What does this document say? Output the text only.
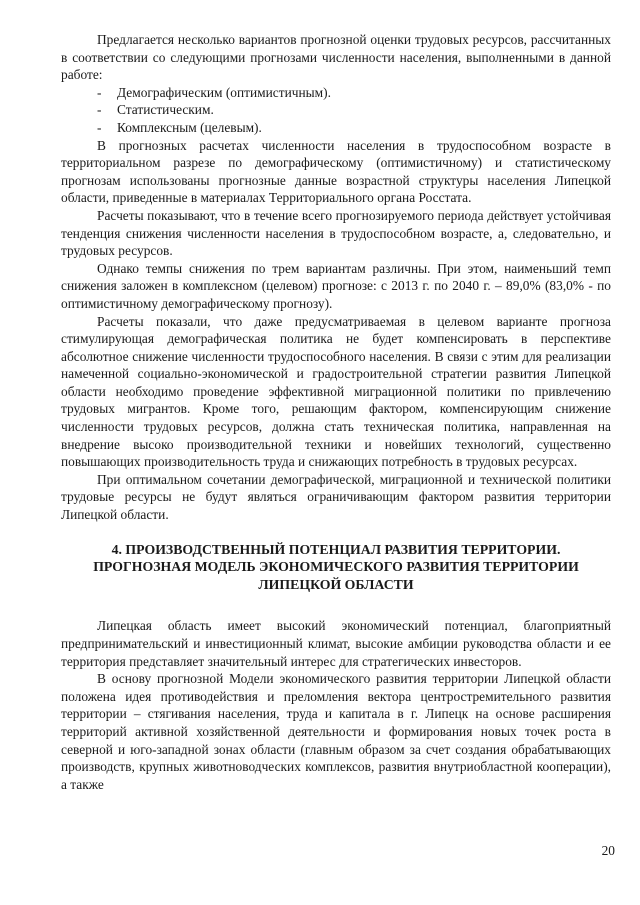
Предлагается несколько вариантов прогнозной оценки трудовых ресурсов, рассчитанных в соответствии со следующими прогнозами численности населения, выполненными в данной работе:

- Демографическим (оптимистичным).
- Статистическим.
- Комплексным (целевым).

В прогнозных расчетах численности населения в трудоспособном возрасте в территориальном разрезе по демографическому (оптимистичному) и статистическому прогнозам использованы прогнозные данные возрастной структуры населения Липецкой области, приведенные в материалах Территориального органа Росстата.

Расчеты показывают, что в течение всего прогнозируемого периода действует устойчивая тенденция снижения численности населения в трудоспособном возрасте, а, следовательно, и трудовых ресурсов.

Однако темпы снижения по трем вариантам различны. При этом, наименьший темп снижения заложен в комплексном (целевом) прогнозе: с 2013 г. по 2040 г. – 89,0% (83,0% - по оптимистичному демографическому прогнозу).

Расчеты показали, что даже предусматриваемая в целевом варианте прогноза стимулирующая демографическая политика не будет компенсировать в перспективе абсолютное снижение численности трудоспособного населения. В связи с этим для реализации намеченной социально-экономической и градостроительной стратегии развития Липецкой области необходимо проведение эффективной миграционной политики по привлечению трудовых мигрантов. Кроме того, решающим фактором, компенсирующим снижение численности трудовых ресурсов, должна стать техническая политика, направленная на внедрение высоко производительной техники и новейших технологий, существенно повышающих производительность труда и снижающих потребность в трудовых ресурсах.

При оптимальном сочетании демографической, миграционной и технической политики трудовые ресурсы не будут являться ограничивающим фактором развития территории Липецкой области.

4. ПРОИЗВОДСТВЕННЫЙ ПОТЕНЦИАЛ РАЗВИТИЯ ТЕРРИТОРИИ.
ПРОГНОЗНАЯ МОДЕЛЬ ЭКОНОМИЧЕСКОГО РАЗВИТИЯ ТЕРРИТОРИИ
ЛИПЕЦКОЙ ОБЛАСТИ

Липецкая область имеет высокий экономический потенциал, благоприятный предпринимательский и инвестиционный климат, высокие амбиции руководства области и ее территория представляет значительный интерес для стратегических инвесторов.

В основу прогнозной Модели экономического развития территории Липецкой области положена идея противодействия и преломления вектора центростремительного развития территории – стягивания населения, труда и капитала в г. Липецк на основе расширения территорий активной хозяйственной деятельности и формирования новых точек роста в северной и юго-западной зонах области (главным образом за счет создания обрабатывающих производств, крупных животноводческих комплексов, развития внутриобластной кооперации), а также

20
